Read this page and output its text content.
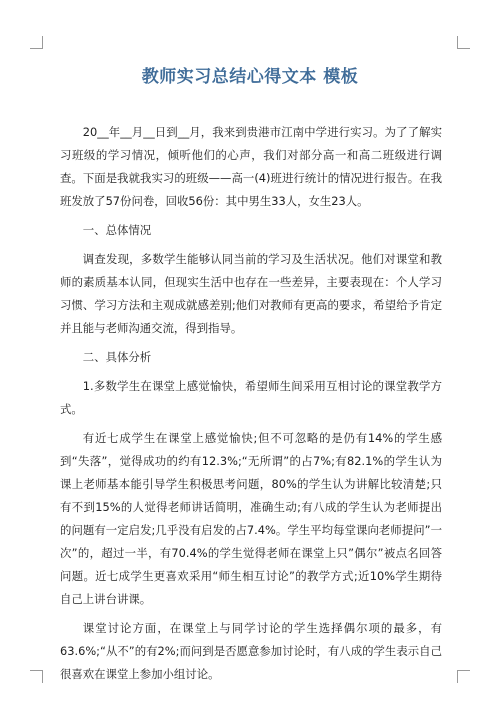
教师实习总结心得文本 模板

20__年__月__日到__月，我来到贵港市江南中学进行实习。为了了解实习班级的学习情况，倾听他们的心声，我们对部分高一和高二班级进行调查。下面是我就我实习的班级——高一(4)班进行统计的情况进行报告。在我班发放了57份问卷，回收56份：其中男生33人，女生23人。

一、总体情况

调查发现，多数学生能够认同当前的学习及生活状况。他们对课堂和教师的素质基本认同，但现实生活中也存在一些差异，主要表现在：个人学习习惯、学习方法和主观成就感差别;他们对教师有更高的要求，希望给予肯定并且能与老师沟通交流，得到指导。

二、具体分析

1.多数学生在课堂上感觉愉快，希望师生间采用互相讨论的课堂教学方式。

有近七成学生在课堂上感觉愉快;但不可忽略的是仍有14%的学生感到“失落”，觉得成功的约有12.3%;“无所谓”的占7%;有82.1%的学生认为课上老师基本能引导学生积极思考问题，80%的学生认为讲解比较清楚;只有不到15%的人觉得老师讲话简明，准确生动;有八成的学生认为老师提出的问题有一定启发;几乎没有启发的占7.4%。学生平均每堂课向老师提问”一次”的，超过一半，有70.4%的学生觉得老师在课堂上只”偶尔”被点名回答问题。近七成学生更喜欢采用“师生相互讨论”的教学方式;近10%学生期待自己上讲台讲课。

课堂讨论方面，在课堂上与同学讨论的学生选择偶尔项的最多，有63.6%;“从不”的有2%;而问到是否愿意参加讨论时，有八成的学生表示自己很喜欢在课堂上参加小组讨论。
